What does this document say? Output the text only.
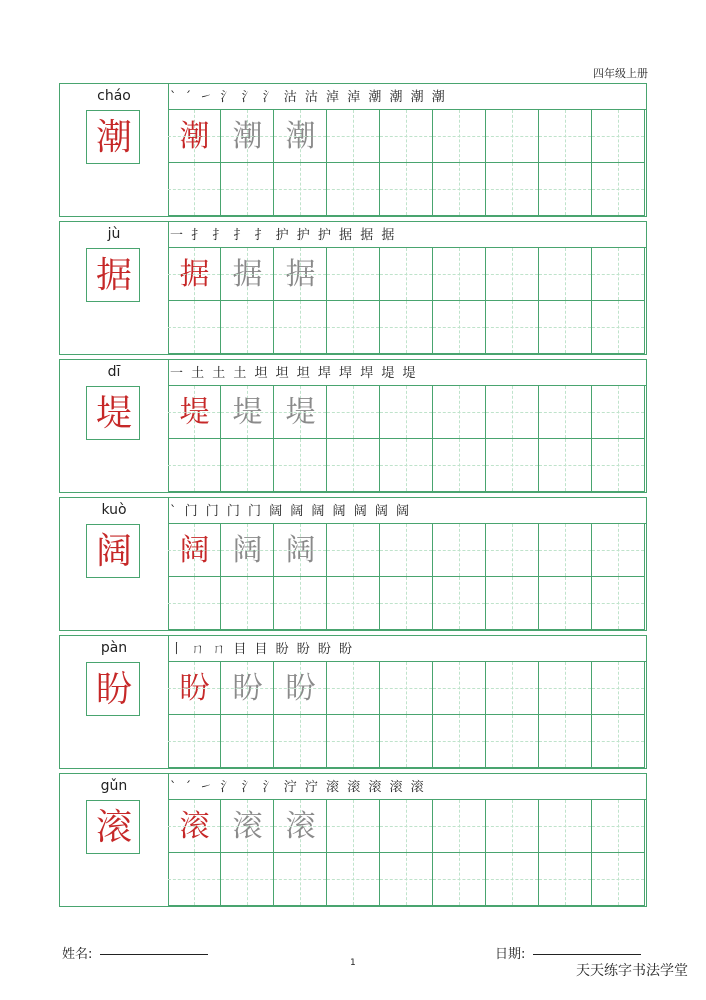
四年级上册
cháo
潮
` ˊ ㇀ 氵 氵 氵 沽 沽 淖 淖 潮 潮 潮 潮
潮 潮 潮
jù
据
一 扌 扌 扌 扌 护 护 护 据 据 据
据 据 据
dī
堤
一 土 土 土 坦 坦 坦 垾 垾 垾 堤 堤
堤 堤 堤
kuò
阔
` 门 门 门 门 阔 阔 阔 阔 阔 阔 阔
阔 阔 阔
pàn
盼
丨 ㄇ ㄇ 目 目 盼 盼 盼 盼
盼 盼 盼
gǔn
滚
` ˊ ㇀ 氵 氵 氵 泞 泞 滚 滚 滚 滚 滚
滚 滚 滚
姓名:	日期:
1	天天练字书法学堂
